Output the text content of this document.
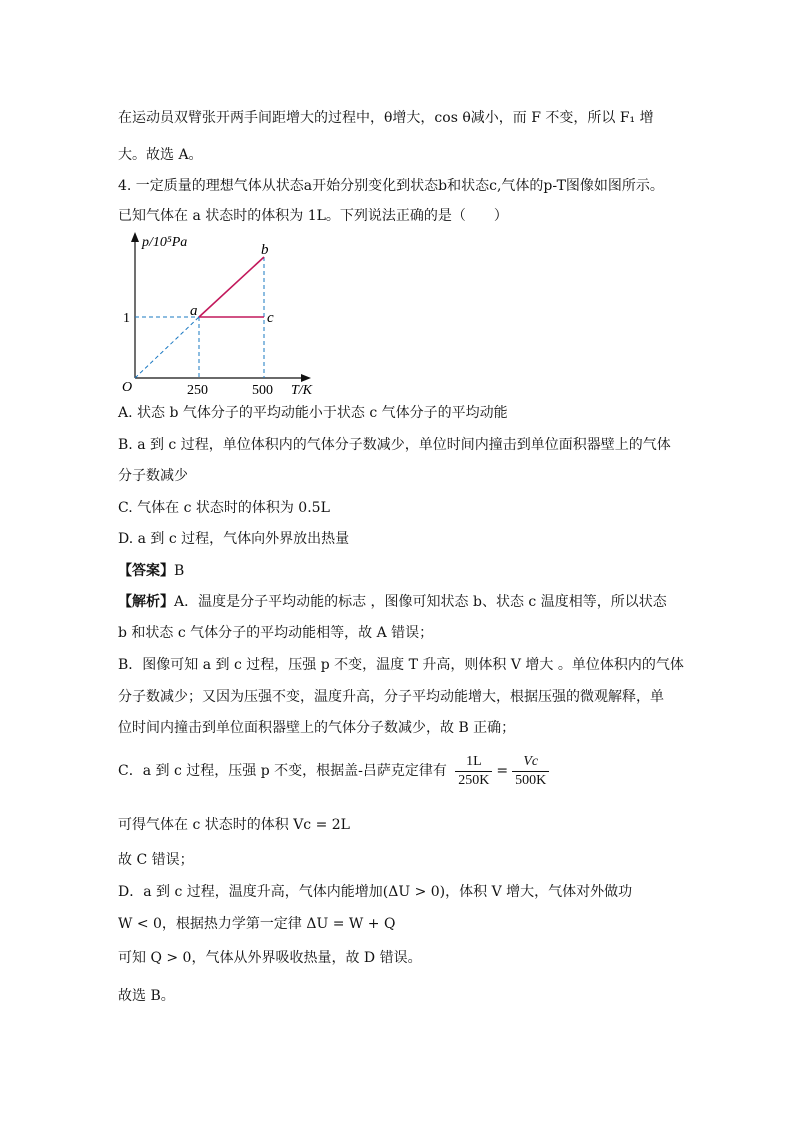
在运动员双臂张开两手间距增大的过程中，θ增大，cos θ减小，而 F 不变，所以 F₁ 增
大。故选 A。
4. 一定质量的理想气体从状态a开始分别变化到状态b和状态c,气体的p-T图像如图所示。
已知气体在 a 状态时的体积为 1L。下列说法正确的是（　　）
p/10⁵Pa
T/K
O	250	500
1	a
b
c
A. 状态 b 气体分子的平均动能小于状态 c 气体分子的平均动能
B. a 到 c 过程，单位体积内的气体分子数减少，单位时间内撞击到单位面积器壁上的气体
分子数减少
C. 气体在 c 状态时的体积为 0.5L
D. a 到 c 过程，气体向外界放出热量
【答案】B
【解析】A．温度是分子平均动能的标志 ，图像可知状态 b、状态 c 温度相等，所以状态
b 和状态 c 气体分子的平均动能相等，故 A 错误；
B．图像可知 a 到 c 过程，压强 p 不变，温度 T 升高，则体积 V 增大 。单位体积内的气体
分子数减少；又因为压强不变，温度升高，分子平均动能增大，根据压强的微观解释，单
位时间内撞击到单位面积器壁上的气体分子数减少，故 B 正确；
C．a 到 c 过程，压强 p 不变，根据盖-吕萨克定律有 $\frac{1L}{250K} = \frac{Vc}{500K}$
可得气体在 c 状态时的体积 Vc = 2L
故 C 错误；
D．a 到 c 过程，温度升高，气体内能增加(ΔU > 0)，体积 V 增大，气体对外做功
W < 0，根据热力学第一定律 ΔU = W + Q
可知 Q > 0，气体从外界吸收热量，故 D 错误。
故选 B。
